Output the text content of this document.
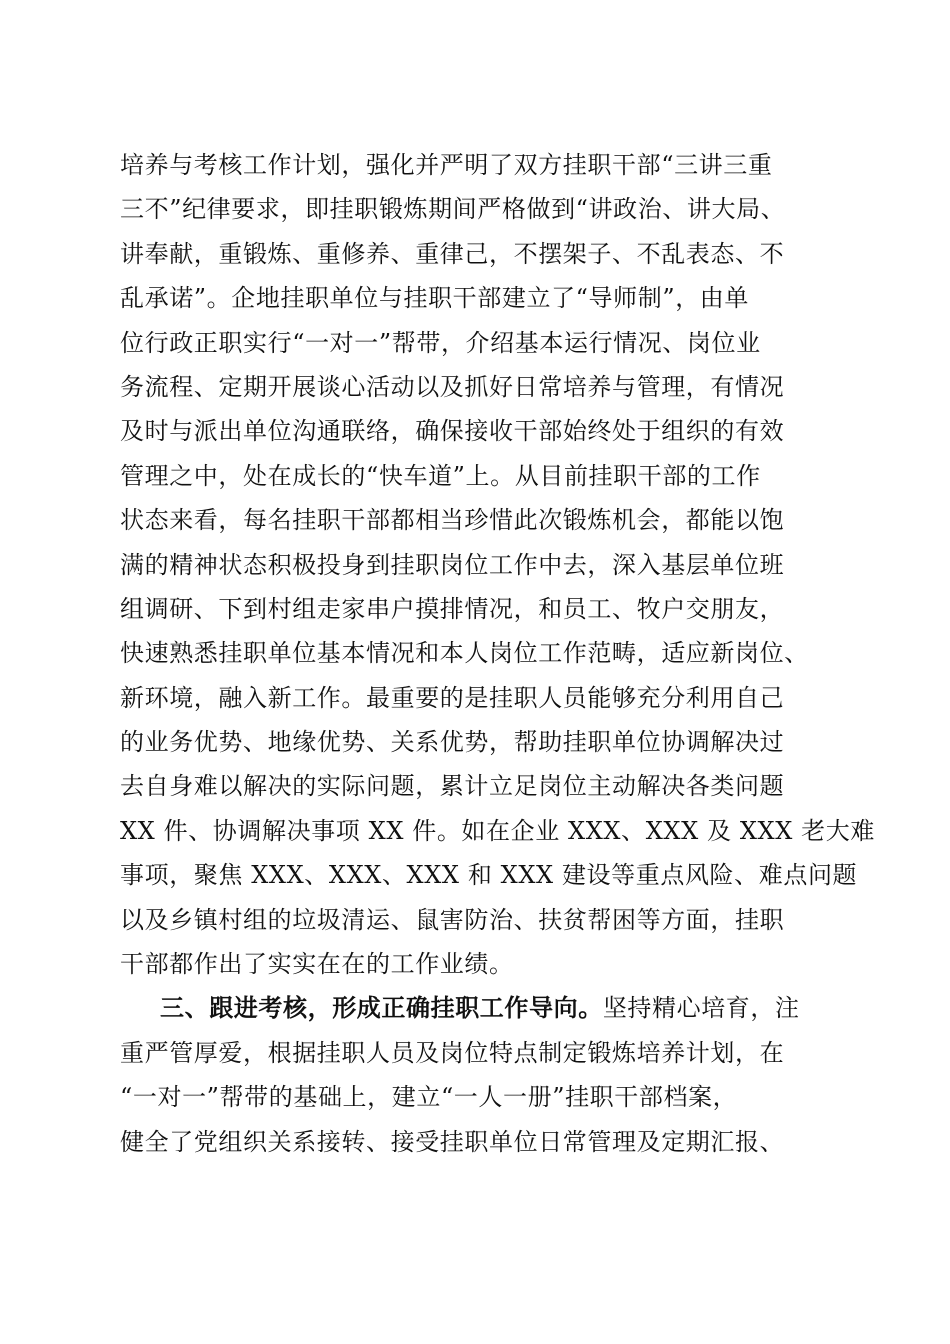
培养与考核工作计划，强化并严明了双方挂职干部“三讲三重
三不”纪律要求，即挂职锻炼期间严格做到“讲政治、讲大局、
讲奉献，重锻炼、重修养、重律己，不摆架子、不乱表态、不
乱承诺”。企地挂职单位与挂职干部建立了“导师制”，由单
位行政正职实行“一对一”帮带，介绍基本运行情况、岗位业
务流程、定期开展谈心活动以及抓好日常培养与管理，有情况
及时与派出单位沟通联络，确保接收干部始终处于组织的有效
管理之中，处在成长的“快车道”上。从目前挂职干部的工作
状态来看，每名挂职干部都相当珍惜此次锻炼机会，都能以饱
满的精神状态积极投身到挂职岗位工作中去，深入基层单位班
组调研、下到村组走家串户摸排情况，和员工、牧户交朋友，
快速熟悉挂职单位基本情况和本人岗位工作范畴，适应新岗位、
新环境，融入新工作。最重要的是挂职人员能够充分利用自己
的业务优势、地缘优势、关系优势，帮助挂职单位协调解决过
去自身难以解决的实际问题，累计立足岗位主动解决各类问题
XX 件、协调解决事项 XX 件。如在企业 XXX、XXX 及 XXX 老大难
事项，聚焦 XXX、XXX、XXX 和 XXX 建设等重点风险、难点问题
以及乡镇村组的垃圾清运、鼠害防治、扶贫帮困等方面，挂职
干部都作出了实实在在的工作业绩。
三、跟进考核，形成正确挂职工作导向。坚持精心培育，注
重严管厚爱，根据挂职人员及岗位特点制定锻炼培养计划，在
“一对一”帮带的基础上，建立“一人一册”挂职干部档案，
健全了党组织关系接转、接受挂职单位日常管理及定期汇报、
